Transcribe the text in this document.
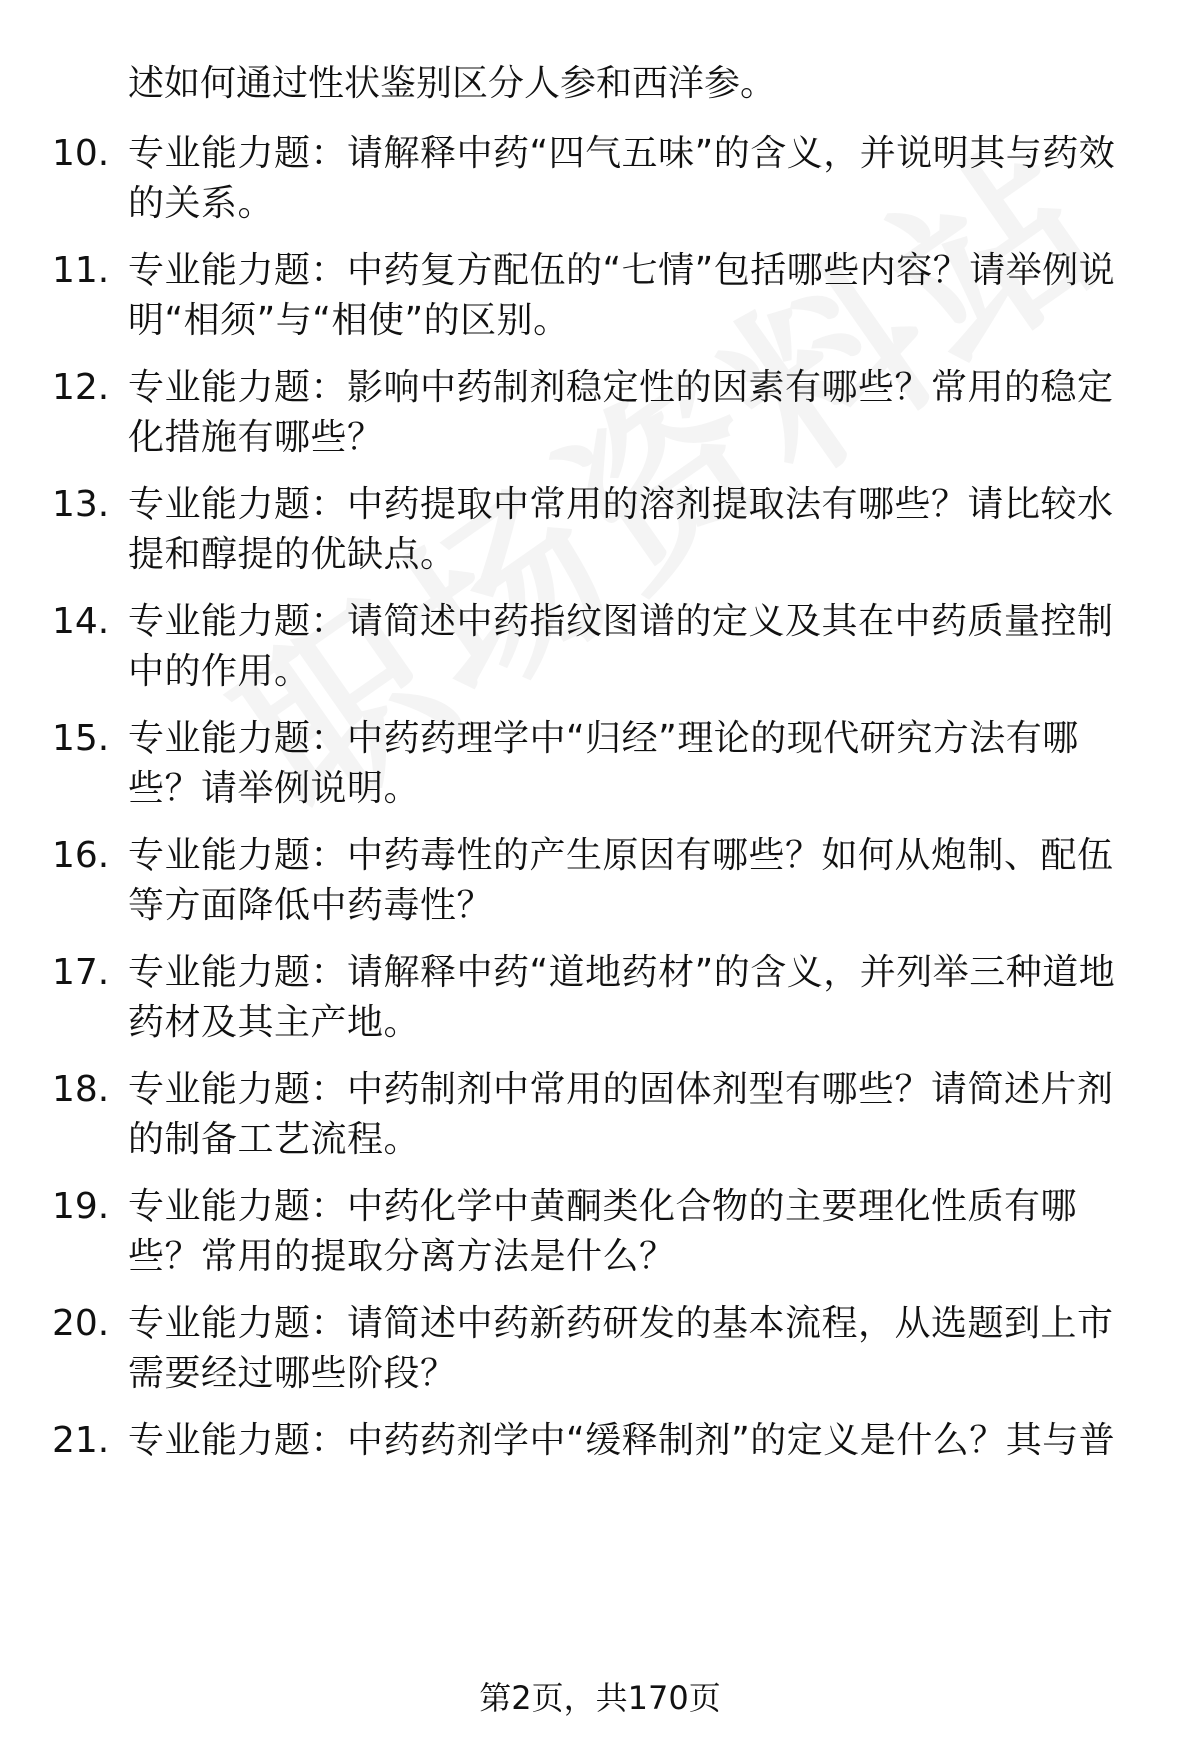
述如何通过性状鉴别区分人参和西洋参。
10. 专业能力题：请解释中药“四气五味”的含义，并说明其与药效的关系。
11. 专业能力题：中药复方配伍的“七情”包括哪些内容？请举例说明“相须”与“相使”的区别。
12. 专业能力题：影响中药制剂稳定性的因素有哪些？常用的稳定化措施有哪些？
13. 专业能力题：中药提取中常用的溶剂提取法有哪些？请比较水提和醇提的优缺点。
14. 专业能力题：请简述中药指纹图谱的定义及其在中药质量控制中的作用。
15. 专业能力题：中药药理学中“归经”理论的现代研究方法有哪些？请举例说明。
16. 专业能力题：中药毒性的产生原因有哪些？如何从炮制、配伍等方面降低中药毒性？
17. 专业能力题：请解释中药“道地药材”的含义，并列举三种道地药材及其主产地。
18. 专业能力题：中药制剂中常用的固体剂型有哪些？请简述片剂的制备工艺流程。
19. 专业能力题：中药化学中黄酮类化合物的主要理化性质有哪些？常用的提取分离方法是什么？
20. 专业能力题：请简述中药新药研发的基本流程，从选题到上市需要经过哪些阶段？
21. 专业能力题：中药药剂学中“缓释制剂”的定义是什么？其与普
第2页，共170页
